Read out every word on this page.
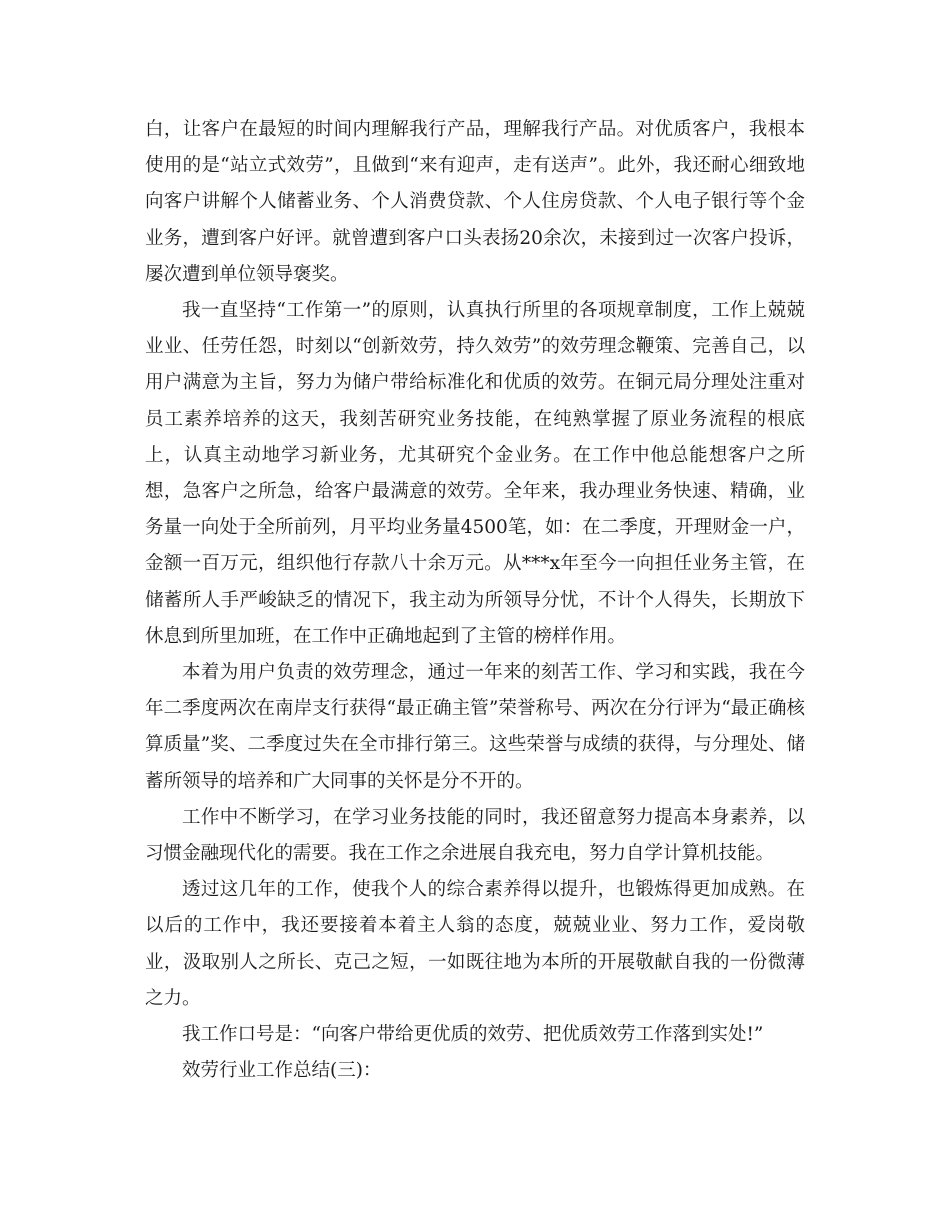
白，让客户在最短的时间内理解我行产品，理解我行产品。对优质客户，我根本使用的是“站立式效劳”，且做到“来有迎声，走有送声”。此外，我还耐心细致地向客户讲解个人储蓄业务、个人消费贷款、个人住房贷款、个人电子银行等个金业务，遭到客户好评。就曾遭到客户口头表扬20余次，未接到过一次客户投诉，屡次遭到单位领导褒奖。

我一直坚持“工作第一”的原则，认真执行所里的各项规章制度，工作上兢兢业业、任劳任怨，时刻以“创新效劳，持久效劳”的效劳理念鞭策、完善自己，以用户满意为主旨，努力为储户带给标准化和优质的效劳。在铜元局分理处注重对员工素养培养的这天，我刻苦研究业务技能，在纯熟掌握了原业务流程的根底上，认真主动地学习新业务，尤其研究个金业务。在工作中他总能想客户之所想，急客户之所急，给客户最满意的效劳。全年来，我办理业务快速、精确，业务量一向处于全所前列，月平均业务量4500笔，如：在二季度，开理财金一户，金额一百万元，组织他行存款八十余万元。从***x年至今一向担任业务主管，在储蓄所人手严峻缺乏的情况下，我主动为所领导分忧，不计个人得失，长期放下休息到所里加班，在工作中正确地起到了主管的榜样作用。

本着为用户负责的效劳理念，通过一年来的刻苦工作、学习和实践，我在今年二季度两次在南岸支行获得“最正确主管”荣誉称号、两次在分行评为“最正确核算质量”奖、二季度过失在全市排行第三。这些荣誉与成绩的获得，与分理处、储蓄所领导的培养和广大同事的关怀是分不开的。

工作中不断学习，在学习业务技能的同时，我还留意努力提高本身素养，以习惯金融现代化的需要。我在工作之余进展自我充电，努力自学计算机技能。

透过这几年的工作，使我个人的综合素养得以提升，也锻炼得更加成熟。在以后的工作中，我还要接着本着主人翁的态度，兢兢业业、努力工作，爱岗敬业，汲取别人之所长、克己之短，一如既往地为本所的开展敬献自我的一份微薄之力。

我工作口号是：“向客户带给更优质的效劳、把优质效劳工作落到实处!”

效劳行业工作总结(三)：
